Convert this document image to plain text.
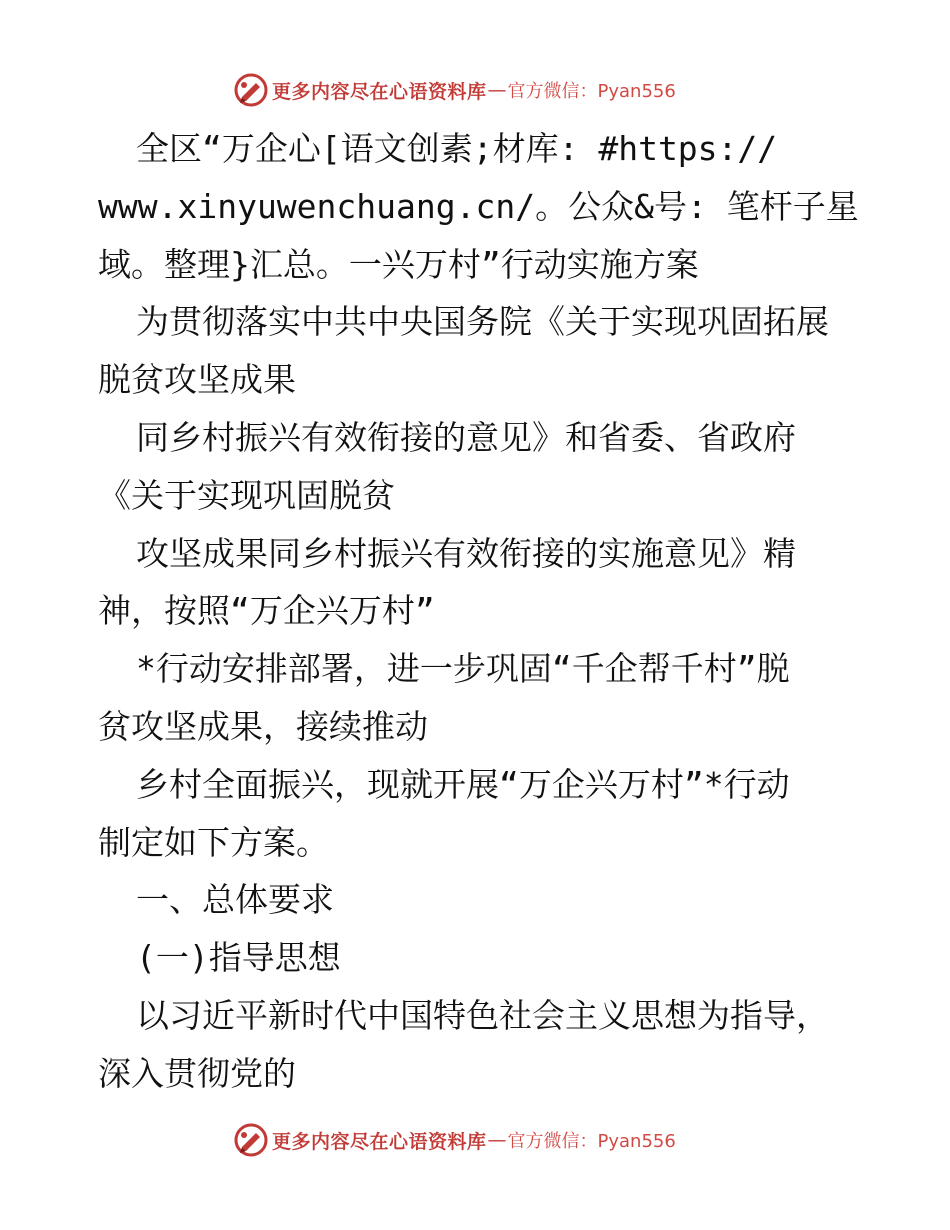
更多内容尽在心语资料库 — 官方微信：Pyan556
全区“万企心[语文创素;材库: #https://
www.xinyuwenchuang.cn/。公众&号: 笔杆子星
域。整理}汇总。一兴万村”行动实施方案
为贯彻落实中共中央国务院《关于实现巩固拓展
脱贫攻坚成果
同乡村振兴有效衔接的意见》和省委、省政府
《关于实现巩固脱贫
攻坚成果同乡村振兴有效衔接的实施意见》精
神，按照“万企兴万村”
*行动安排部署，进一步巩固“千企帮千村”脱
贫攻坚成果，接续推动
乡村全面振兴，现就开展“万企兴万村”*行动
制定如下方案。
一、总体要求
(一)指导思想
以习近平新时代中国特色社会主义思想为指导，
深入贯彻党的
更多内容尽在心语资料库 — 官方微信：Pyan556
